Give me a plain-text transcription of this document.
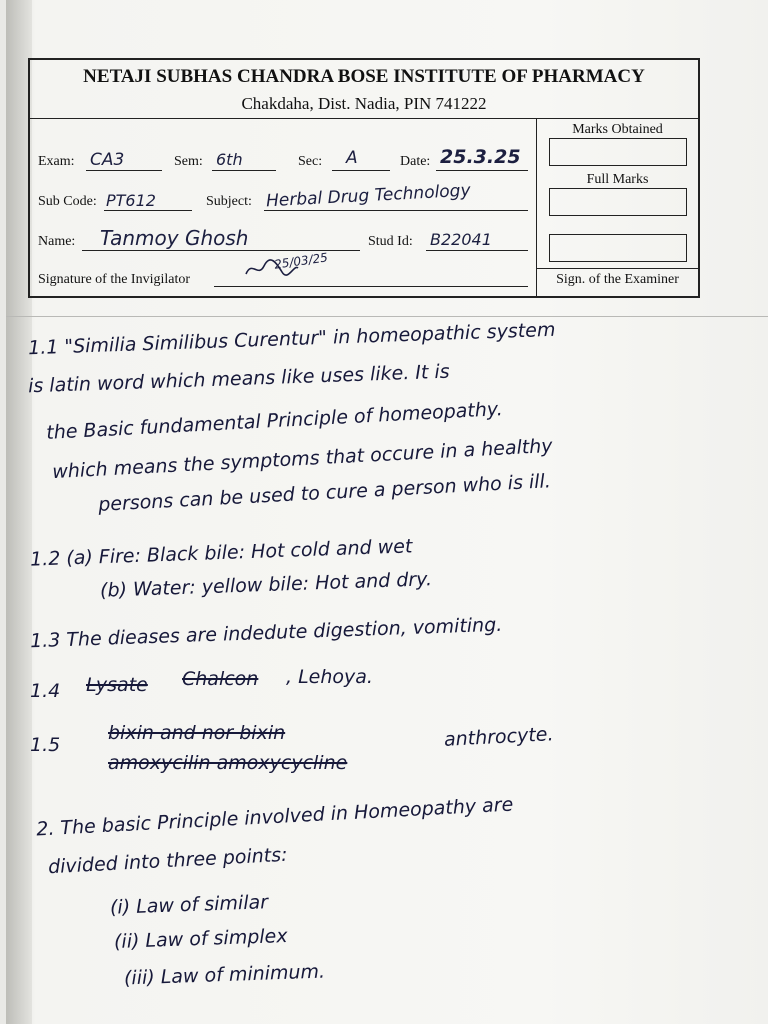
NETAJI SUBHAS CHANDRA BOSE INSTITUTE OF PHARMACY
Chakdaha, Dist. Nadia, PIN 741222
Exam: CA3	Sem: 6th	Sec: A	Date: 25.3.25
Sub Code: PT612	Subject: Herbal Drug Technology
Name: Tanmoy Ghosh	Stud Id: B22041
Signature of the Invigilator
25/03/25
Marks Obtained
Full Marks
Sign. of the Examiner
1.1 "Similia Similibus Curentur" in homeopathic system
is latin word which means like uses like. It is
the Basic fundamental Principle of homeopathy.
which means the symptoms that occure in a healthy
persons can be used to cure a person who is ill.
1.2 (a) Fire: Black bile: Hot cold and wet
(b) Water: yellow bile: Hot and dry.
1.3 The dieases are indedute digestion, vomiting.
1.4 Lysate Chalcon , Lehoya.
1.5
bixin and nor bixin
amoxycilin amoxycycline
anthrocyte.
2. The basic Principle involved in Homeopathy are
divided into three points:
(i) Law of similar
(ii) Law of simplex
(iii) Law of minimum.
